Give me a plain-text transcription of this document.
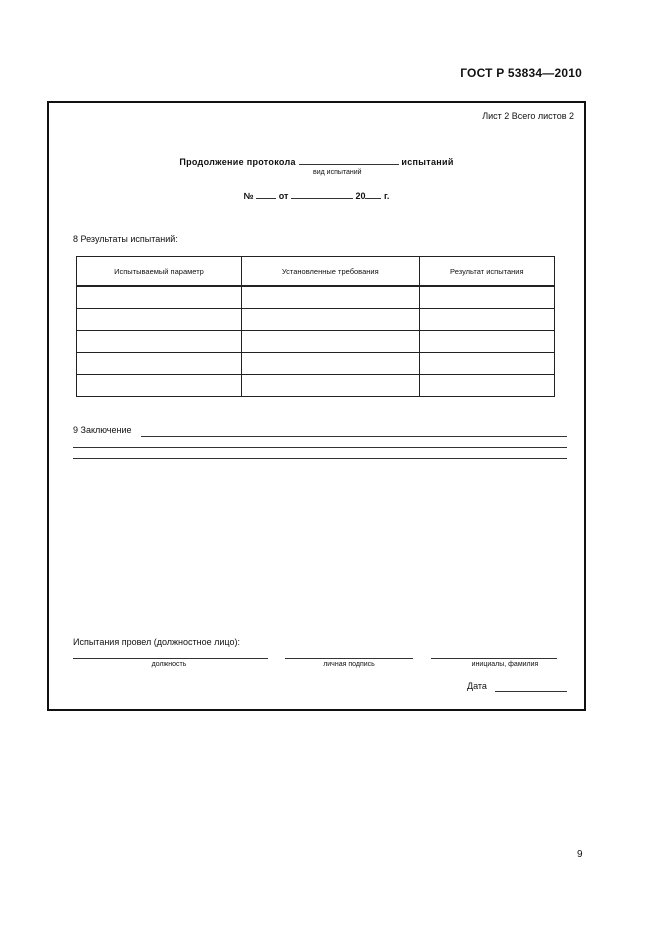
ГОСТ Р 53834—2010
Лист 2 Всего листов 2
Продолжение протокола	испытаний
вид испытаний
№	от	20 г.
8 Результаты испытаний:
Испытываемый параметр	Установленные требования	Результат испытания

9 Заключение
Испытания провел (должностное лицо):
должность	личная подпись	инициалы, фамилия
Дата
9
